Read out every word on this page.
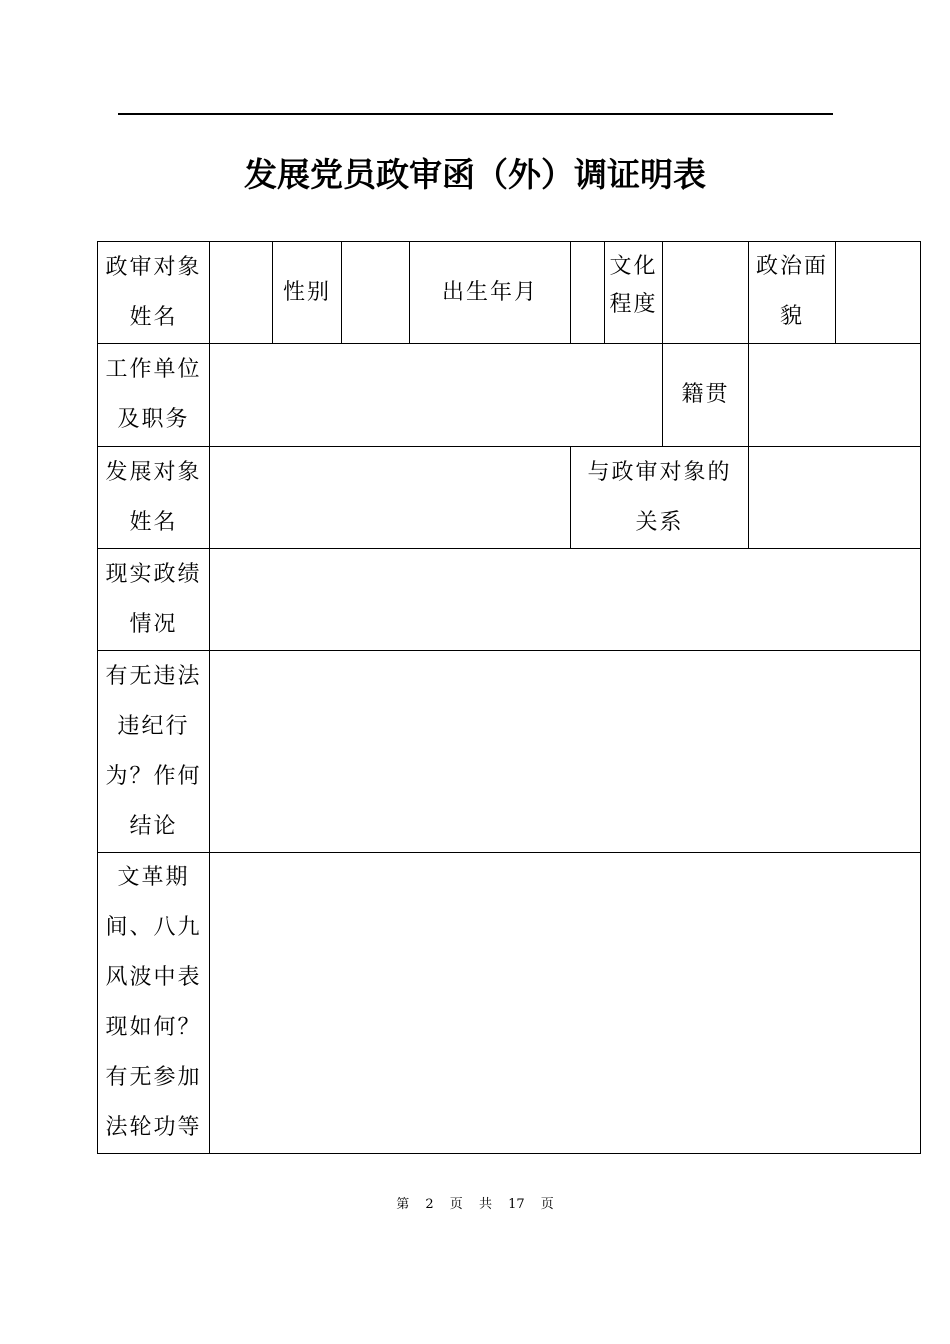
发展党员政审函（外）调证明表
政审对象姓名		性别		出生年月		文化程度		政治面貌	
工作单位及职务							籍贯		
发展对象姓名					与政审对象的关系				
现实政绩情况									
有无违法违纪行为？作何结论									
文革期间、八九风波中表现如何？有无参加法轮功等									
第 2 页 共 17 页
